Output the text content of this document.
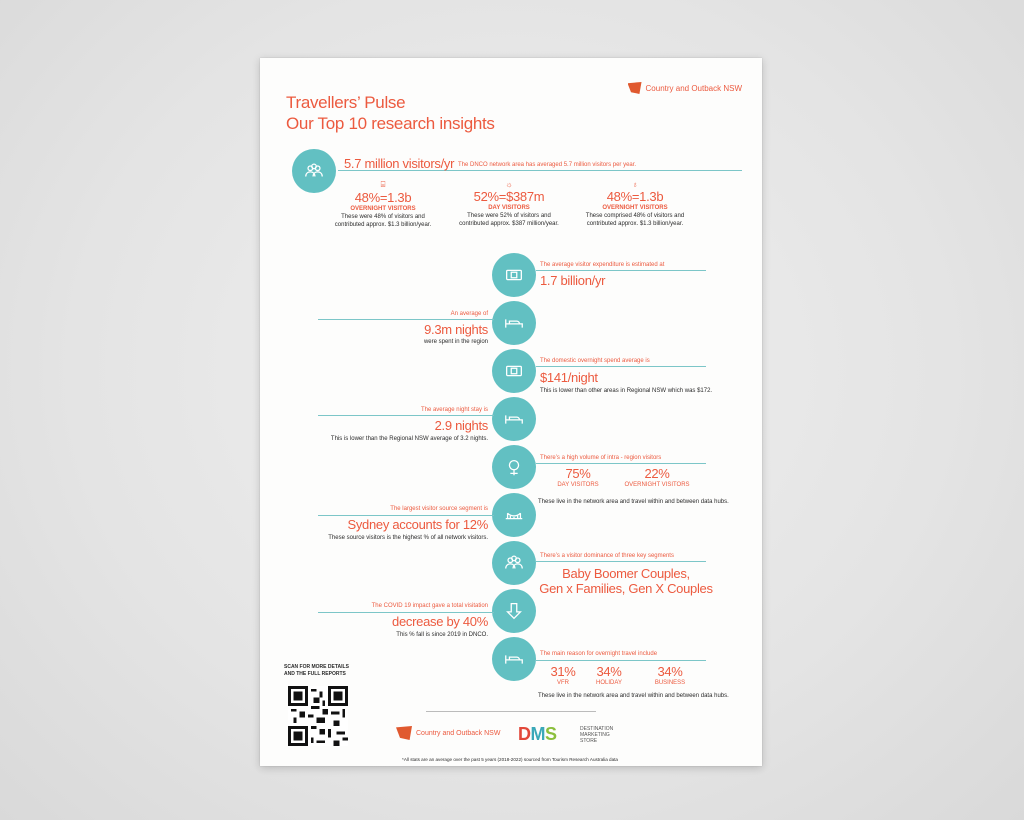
Travellers’ Pulse
Our Top 10 research insights
Country and Outback NSW
5.7 million visitors/yr The DNCO network area has averaged 5.7 million visitors per year.
⌸
48%=1.3b
OVERNIGHT VISITORS
These were 48% of visitors and
contributed approx. $1.3 billion/year.
☼
52%=$387m
DAY VISITORS
These were 52% of visitors and
contributed approx. $387 million/year.
♁
48%=1.3b
OVERNIGHT VISITORS
These comprised 48% of visitors and
contributed approx. $1.3 billion/year.
The average visitor expenditure is estimated at
1.7 billion/yr
An average of
9.3m nights
were spent in the region
The domestic overnight spend average is
$141/night
This is lower than other areas in Regional NSW which was $172.
The average night stay is
2.9 nights
This is lower than the Regional NSW average of 3.2 nights.
There’s a high volume of intra - region visitors
75%
DAY VISITORS
22%
OVERNIGHT VISITORS
These live in the network area and travel within and between data hubs.
The largest visitor source segment is
Sydney accounts for 12%
These source visitors is the highest % of all network visitors.
There’s a visitor dominance of three key segments
Baby Boomer Couples,
Gen x Families, Gen X Couples
The COVID 19 impact gave a total visitation
decrease by 40%
This % fall is since 2019 in DNCO.
The main reason for overnight travel include
31%
VFR
34%
HOLIDAY
34%
BUSINESS
These live in the network area and travel within and between data hubs.
SCAN FOR MORE DETAILS
AND THE FULL REPORTS
Country and Outback NSW DMS	DESTINATION
MARKETING
STORE
*All stats are an average over the past 5 years (2018-2022) sourced from Tourism Research Australia data
